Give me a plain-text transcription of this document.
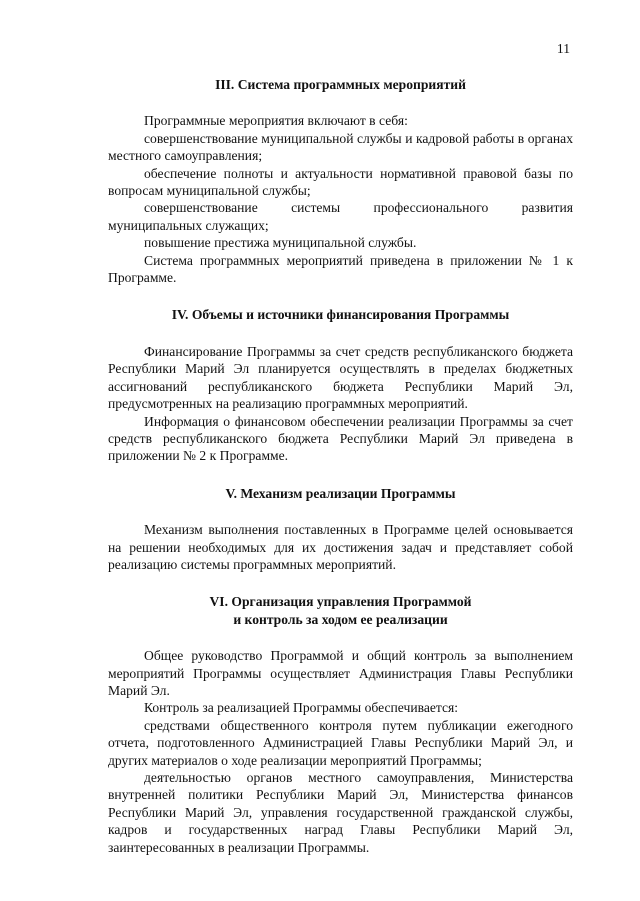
11
III. Система программных мероприятий

Программные мероприятия включают в себя:

совершенствование муниципальной службы и кадровой работы в органах местного самоуправления;

обеспечение полноты и актуальности нормативной правовой базы по вопросам муниципальной службы;

совершенствование системы профессионального развития муниципальных служащих;

повышение престижа муниципальной службы.

Система программных мероприятий приведена в приложении № 1 к Программе.

IV. Объемы и источники финансирования Программы

Финансирование Программы за счет средств республиканского бюджета Республики Марий Эл планируется осуществлять в пределах бюджетных ассигнований республиканского бюджета Республики Марий Эл, предусмотренных на реализацию программных мероприятий.

Информация о финансовом обеспечении реализации Программы за счет средств республиканского бюджета Республики Марий Эл приведена в приложении № 2 к Программе.

V. Механизм реализации Программы

Механизм выполнения поставленных в Программе целей основывается на решении необходимых для их достижения задач и представляет собой реализацию системы программных мероприятий.

VI. Организация управления Программой
и контроль за ходом ее реализации

Общее руководство Программой и общий контроль за выполнением мероприятий Программы осуществляет Администрация Главы Республики Марий Эл.

Контроль за реализацией Программы обеспечивается:

средствами общественного контроля путем публикации ежегодного отчета, подготовленного Администрацией Главы Республики Марий Эл, и других материалов о ходе реализации мероприятий Программы;

деятельностью органов местного самоуправления, Министерства внутренней политики Республики Марий Эл, Министерства финансов Республики Марий Эл, управления государственной гражданской службы, кадров и государственных наград Главы Республики Марий Эл, заинтересованных в реализации Программы.
